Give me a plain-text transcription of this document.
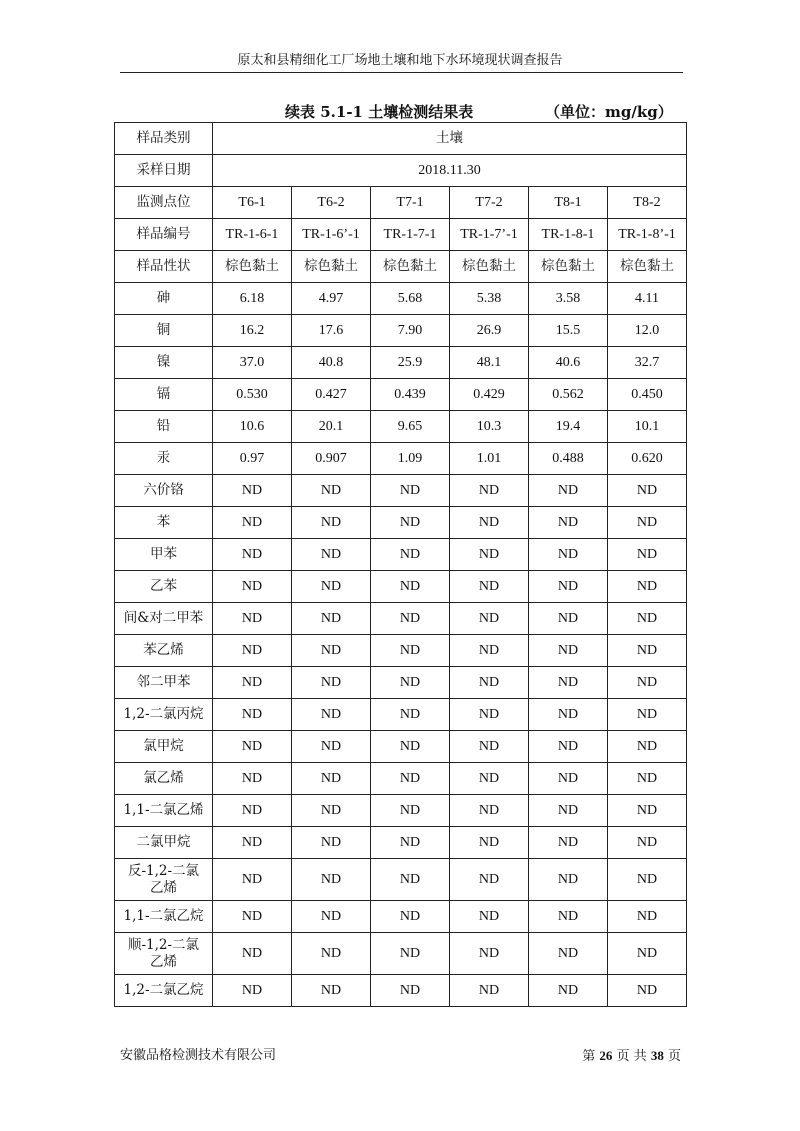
原太和县精细化工厂场地土壤和地下水环境现状调查报告
续表 5.1-1 土壤检测结果表	（单位：mg/kg）
样品类别	土壤					
采样日期	2018.11.30					
监测点位	T6-1	T6-2	T7-1	T7-2	T8-1	T8-2
样品编号	TR-1-6-1	TR-1-6’-1	TR-1-7-1	TR-1-7’-1	TR-1-8-1	TR-1-8’-1
样品性状	棕色黏土	棕色黏土	棕色黏土	棕色黏土	棕色黏土	棕色黏土
砷	6.18	4.97	5.68	5.38	3.58	4.11
铜	16.2	17.6	7.90	26.9	15.5	12.0
镍	37.0	40.8	25.9	48.1	40.6	32.7
镉	0.530	0.427	0.439	0.429	0.562	0.450
铅	10.6	20.1	9.65	10.3	19.4	10.1
汞	0.97	0.907	1.09	1.01	0.488	0.620
六价铬	ND	ND	ND	ND	ND	ND
苯	ND	ND	ND	ND	ND	ND
甲苯	ND	ND	ND	ND	ND	ND
乙苯	ND	ND	ND	ND	ND	ND
间&对二甲苯	ND	ND	ND	ND	ND	ND
苯乙烯	ND	ND	ND	ND	ND	ND
邻二甲苯	ND	ND	ND	ND	ND	ND
1,2-二氯丙烷	ND	ND	ND	ND	ND	ND
氯甲烷	ND	ND	ND	ND	ND	ND
氯乙烯	ND	ND	ND	ND	ND	ND
1,1-二氯乙烯	ND	ND	ND	ND	ND	ND
二氯甲烷	ND	ND	ND	ND	ND	ND
反-1,2-二氯
乙烯	ND	ND	ND	ND	ND	ND
1,1-二氯乙烷	ND	ND	ND	ND	ND	ND
顺-1,2-二氯
乙烯	ND	ND	ND	ND	ND	ND
1,2-二氯乙烷	ND	ND	ND	ND	ND	ND
安徽品格检测技术有限公司	第 26 页 共 38 页
